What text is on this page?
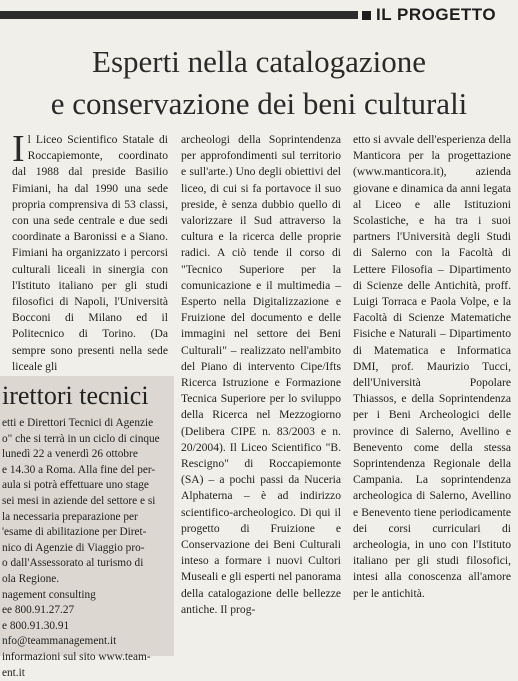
IL PROGETTO
Esperti nella catalogazione
e conservazione dei beni culturali
I l Liceo Scientifico Statale di Roccapiemonte, coordinato dal 1988 dal preside Basilio Fimiani, ha dal 1990 una sede propria comprensiva di 53 classi, con una sede centrale e due sedi coordinate a Baronissi e a Siano. Fimiani ha organizzato i percorsi culturali liceali in sinergia con l'Istituto italiano per gli studi filosofici di Napoli, l'Università Bocconi di Milano ed il Politecnico di Torino. (Da sempre sono presenti nella sede liceale gli

archeologi della Soprintendenza per approfondimenti sul territorio e sull'arte.) Uno degli obiettivi del liceo, di cui si fa portavoce il suo preside, è senza dubbio quello di valorizzare il Sud attraverso la cultura e la ricerca delle proprie radici. A ciò tende il corso di "Tecnico Superiore per la comunicazione e il multimedia – Esperto nella Digitalizzazione e Fruizione del documento e delle immagini nel settore dei Beni Culturali" – realizzato nell'ambito del Piano di intervento Cipe/Ifts Ricerca Istruzione e Formazione Tecnica Superiore per lo sviluppo della Ricerca nel Mezzogiorno (Delibera CIPE n. 83/2003 e n. 20/2004). Il Liceo Scientifico "B. Rescigno" di Roccapiemonte (SA) – a pochi passi da Nuceria Alphaterna – è ad indirizzo scientifico-archeologico. Di qui il progetto di Fruizione e Conservazione dei Beni Culturali inteso a formare i nuovi Cultori Museali e gli esperti nel panorama della catalogazione delle bellezze antiche. Il prog-

etto si avvale dell'esperienza della Manticora per la progettazione (www.manticora.it), azienda giovane e dinamica da anni legata al Liceo e alle Istituzioni Scolastiche, e ha tra i suoi partners l'Università degli Studi di Salerno con la Facoltà di Lettere Filosofia – Dipartimento di Scienze delle Antichità, proff. Luigi Torraca e Paola Volpe, e la Facoltà di Scienze Matematiche Fisiche e Naturali – Dipartimento di Matematica e Informatica DMI, prof. Maurizio Tucci, dell'Università Popolare Thiassos, e della Soprintendenza per i Beni Archeologici delle province di Salerno, Avellino e Benevento come della stessa Soprintendenza Regionale della Campania. La soprintendenza archeologica di Salerno, Avellino e Benevento tiene periodicamente dei corsi curriculari di archeologia, in uno con l'Istituto italiano per gli studi filosofici, intesi alla conoscenza all'amore per le antichità.

irettori tecnici
etti e Direttori Tecnici di Agenzie
o" che si terrà in un ciclo di cinque
lunedì 22 a venerdì 26 ottobre
e 14.30 a Roma. Alla fine del per-
aula si potrà effettuare uno stage
sei mesi in aziende del settore e si
la necessaria preparazione per
'esame di abilitazione per Diret-
nico di Agenzie di Viaggio pro-
o dall'Assessorato al turismo di
ola Regione.
nagement consulting
ee 800.91.27.27
e 800.91.30.91
nfo@teammanagement.it
informazioni sul sito www.team-
ent.it
